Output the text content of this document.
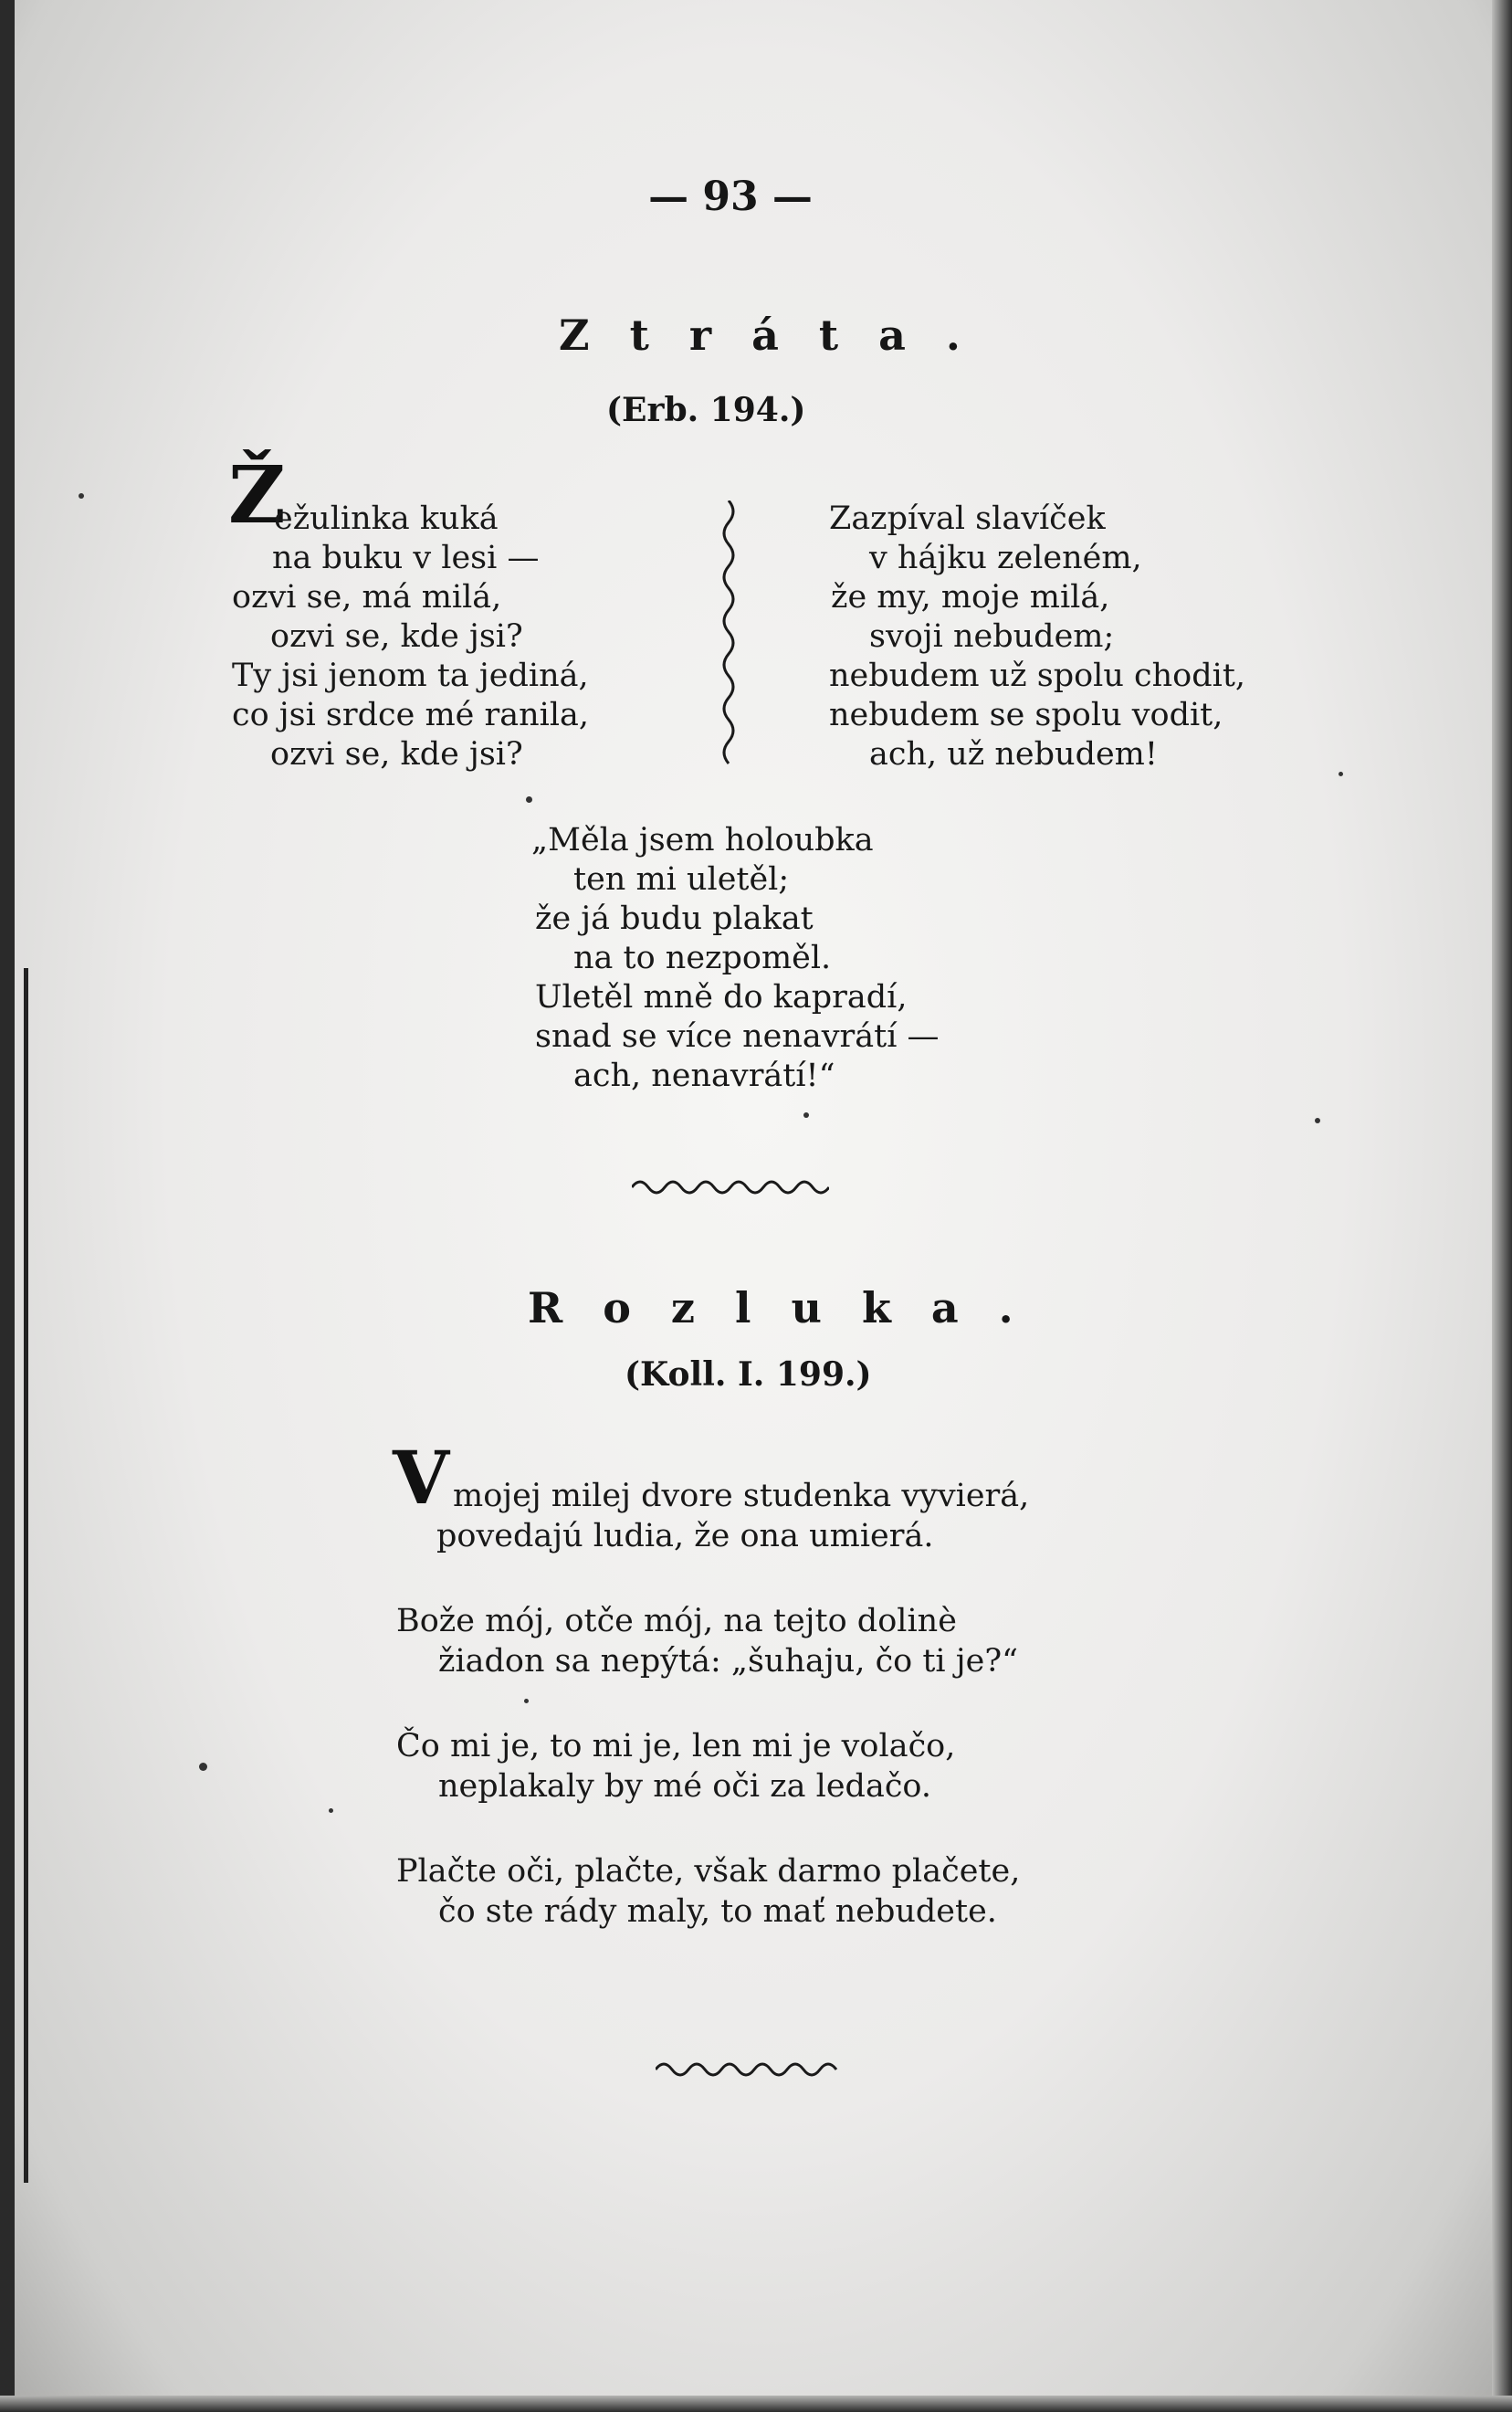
— 93 —
Ztráta.
(Erb. 194.)
Ž
ežulinka kuká
na buku v lesi —
ozvi se, má milá,
ozvi se, kde jsi?
Ty jsi jenom ta jediná,
co jsi srdce mé ranila,
ozvi se, kde jsi?
Zazpíval slavíček
v hájku zeleném,
že my, moje milá,
svoji nebudem;
nebudem už spolu chodit,
nebudem se spolu vodit,
ach, už nebudem!
„Měla jsem holoubka
ten mi uletěl;
že já budu plakat
na to nezpoměl.
Uletěl mně do kapradí,
snad se více nenavrátí —
ach, nenavrátí!“
Rozluka.
(Koll. I. 199.)
V mojej milej dvore studenka vyvierá,
povedajú ludia, že ona umierá.
Bože mój, otče mój, na tejto dolinè
žiadon sa nepýtá: „šuhaju, čo ti je?“
Čo mi je, to mi je, len mi je volačo,
neplakaly by mé oči za ledačo.
Plačte oči, plačte, však darmo plačete,
čo ste rády maly, to mať nebudete.
